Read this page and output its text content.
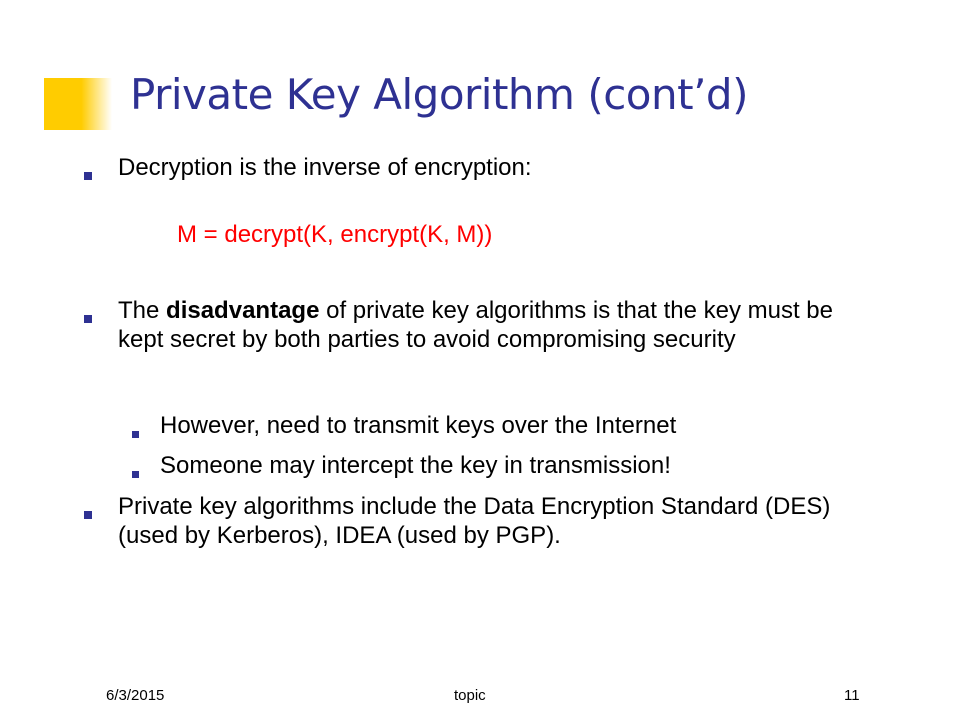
Private Key Algorithm (cont’d)
Decryption is the inverse of encryption:
M = decrypt(K, encrypt(K, M))
The disadvantage of private key algorithms is that the key must be kept secret by both parties to avoid compromising security
However, need to transmit keys over the Internet
Someone may intercept the key in transmission!
Private key algorithms include the Data Encryption Standard (DES) (used by Kerberos), IDEA (used by PGP).
6/3/2015	topic	11
